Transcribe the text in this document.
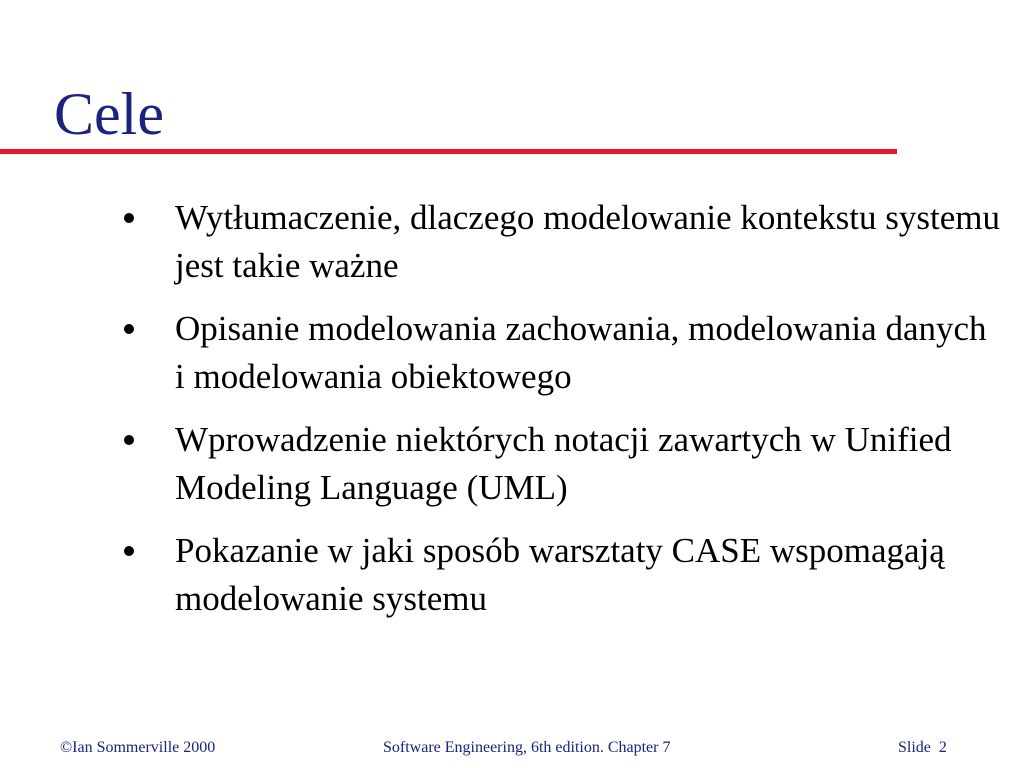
Cele
Wytłumaczenie, dlaczego modelowanie kontekstu systemu jest takie ważne
Opisanie modelowania zachowania, modelowania danych i modelowania obiektowego
Wprowadzenie niektórych notacji zawartych w Unified Modeling Language (UML)
Pokazanie w jaki sposób warsztaty CASE wspomagają modelowanie systemu
©Ian Sommerville 2000	Software Engineering, 6th edition. Chapter 7	Slide 2
